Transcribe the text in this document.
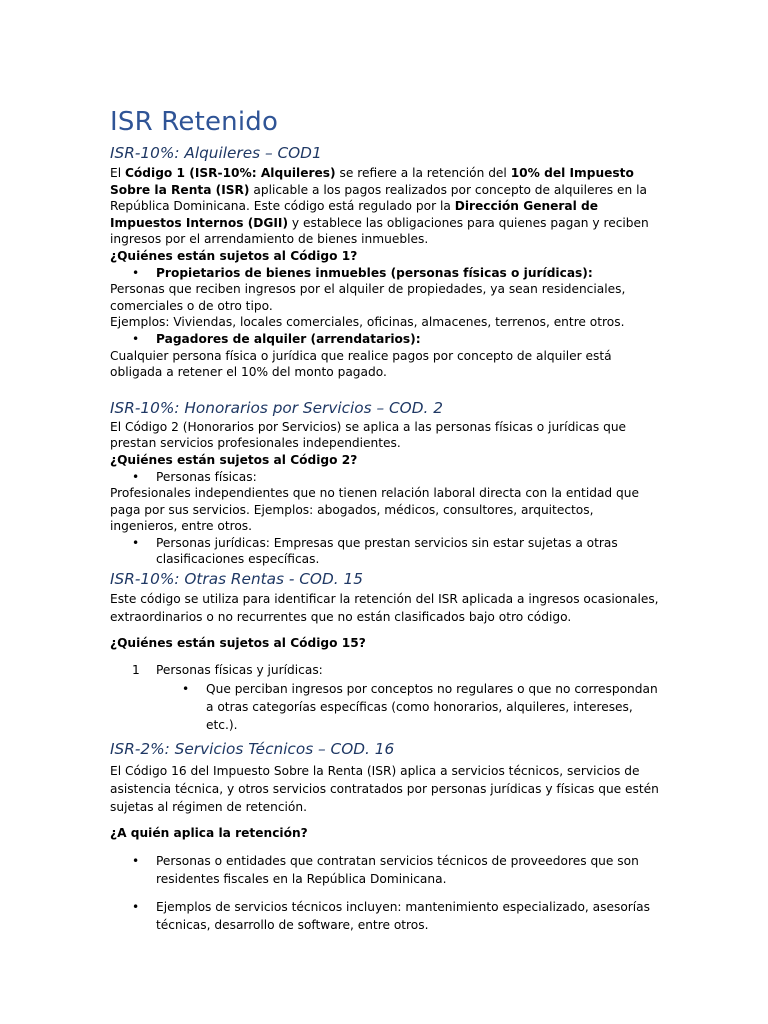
ISR Retenido
ISR-10%: Alquileres – COD1

El Código 1 (ISR-10%: Alquileres) se refiere a la retención del 10% del Impuesto Sobre la Renta (ISR) aplicable a los pagos realizados por concepto de alquileres en la República Dominicana. Este código está regulado por la Dirección General de Impuestos Internos (DGII) y establece las obligaciones para quienes pagan y reciben ingresos por el arrendamiento de bienes inmuebles.

¿Quiénes están sujetos al Código 1?

• Propietarios de bienes inmuebles (personas físicas o jurídicas):

Personas que reciben ingresos por el alquiler de propiedades, ya sean residenciales, comerciales o de otro tipo.

Ejemplos: Viviendas, locales comerciales, oficinas, almacenes, terrenos, entre otros.

• Pagadores de alquiler (arrendatarios):

Cualquier persona física o jurídica que realice pagos por concepto de alquiler está obligada a retener el 10% del monto pagado.

ISR-10%: Honorarios por Servicios – COD. 2

El Código 2 (Honorarios por Servicios) se aplica a las personas físicas o jurídicas que prestan servicios profesionales independientes.

¿Quiénes están sujetos al Código 2?

• Personas físicas:

Profesionales independientes que no tienen relación laboral directa con la entidad que paga por sus servicios. Ejemplos: abogados, médicos, consultores, arquitectos, ingenieros, entre otros.

• Personas jurídicas: Empresas que prestan servicios sin estar sujetas a otras clasificaciones específicas.
ISR-10%: Otras Rentas - COD. 15

Este código se utiliza para identificar la retención del ISR aplicada a ingresos ocasionales, extraordinarios o no recurrentes que no están clasificados bajo otro código.

¿Quiénes están sujetos al Código 15?

1 Personas físicas y jurídicas:
• Que perciban ingresos por conceptos no regulares o que no correspondan a otras categorías específicas (como honorarios, alquileres, intereses, etc.).
ISR-2%: Servicios Técnicos – COD. 16

El Código 16 del Impuesto Sobre la Renta (ISR) aplica a servicios técnicos, servicios de asistencia técnica, y otros servicios contratados por personas jurídicas y físicas que estén sujetas al régimen de retención.

¿A quién aplica la retención?

• Personas o entidades que contratan servicios técnicos de proveedores que son residentes fiscales en la República Dominicana.
• Ejemplos de servicios técnicos incluyen: mantenimiento especializado, asesorías técnicas, desarrollo de software, entre otros.
